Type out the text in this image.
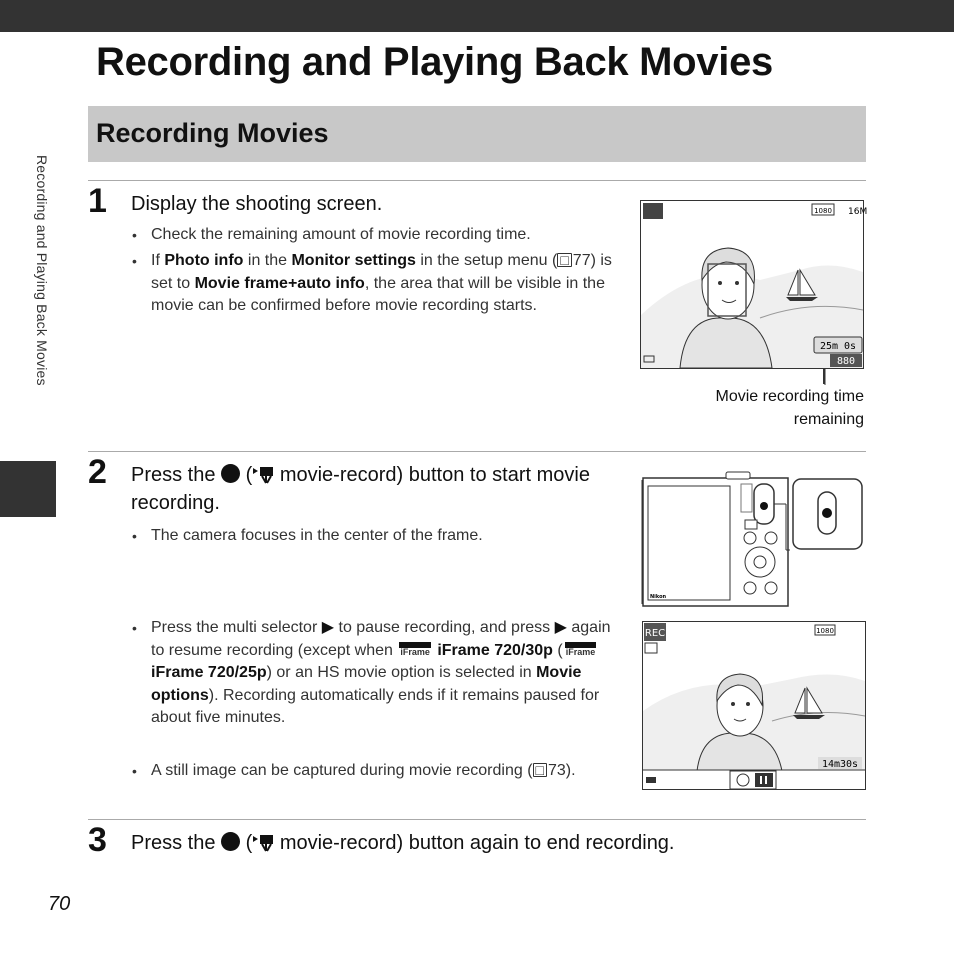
Recording and Playing Back Movies
Recording and Playing Back Movies
Recording Movies
1 Display the shooting screen.
• Check the remaining amount of movie recording time.
• If Photo info in the Monitor settings in the setup menu ( □ 77) is set to Movie frame+auto info, the area that will be visible in the movie can be confirmed before movie recording starts.
1080 16M
25m 0s
880
Movie recording time remaining
2 Press the  ( movie-record) button to start movie recording.
• The camera focuses in the center of the frame.
Nikon
• Press the multi selector ▶ to pause recording, and press ▶ again to resume recording (except when iFrame iFrame 720/30p ( iFrame iFrame 720/25p) or an HS movie option is selected in Movie options). Recording automatically ends if it remains paused for about five minutes.
REC	1080
14m30s
• A still image can be captured during movie recording ( □ 73).
3 Press the  ( movie-record) button again to end recording.
70
